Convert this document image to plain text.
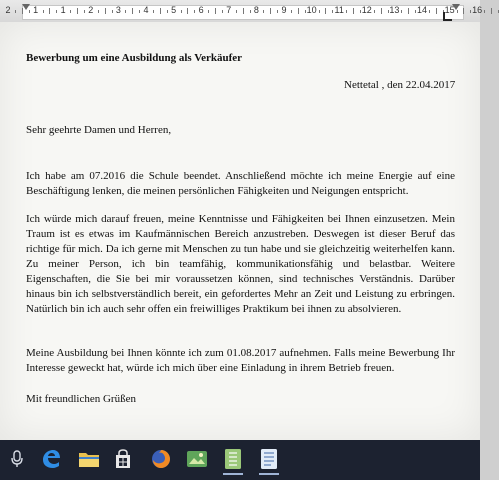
2	1	1	2	3	4	5	6	7	8	9 10 11 12 13 14 15 16
Bewerbung um eine Ausbildung als Verkäufer
Nettetal , den 22.04.2017
Sehr geehrte Damen und Herren,
Ich habe am 07.2016 die Schule beendet. Anschließend möchte ich meine Energie auf eine
Beschäftigung lenken, die meinen persönlichen Fähigkeiten und Neigungen entspricht.
Ich würde mich darauf freuen, meine Kenntnisse und Fähigkeiten bei Ihnen einzusetzen. Mein
Traum ist es etwas im Kaufmännischen Bereich anzustreben. Deswegen ist dieser Beruf das
richtige für mich. Da ich gerne mit Menschen zu tun habe und sie gleichzeitig weiterhelfen kann.
Zu meiner Person, ich bin teamfähig, kommunikationsfähig und belastbar. Weitere
Eigenschaften, die Sie bei mir voraussetzen können, sind technisches Verständnis. Darüber
hinaus bin ich selbstverständlich bereit, ein gefordertes Mehr an Zeit und Leistung zu erbringen.
Natürlich bin ich auch sehr offen ein freiwilliges Praktikum bei ihnen zu absolvieren.
Meine Ausbildung bei Ihnen könnte ich zum 01.08.2017 aufnehmen. Falls meine Bewerbung Ihr
Interesse geweckt hat, würde ich mich über eine Einladung in ihrem Betrieb freuen.
Mit freundlichen Grüßen
